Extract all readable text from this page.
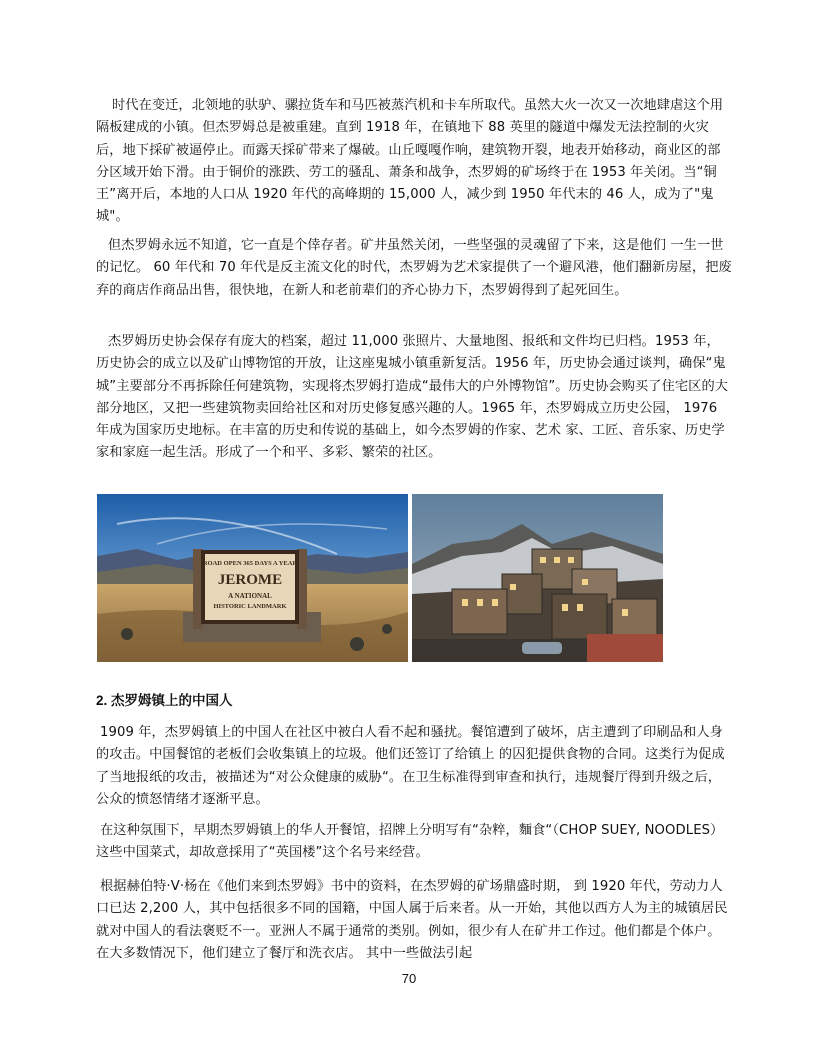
时代在变迁，北领地的驮驴、骡拉货车和马匹被蒸汽机和卡车所取代。虽然大火一次又一次地肆虐这个用隔板建成的小镇。但杰罗姆总是被重建。直到 1918 年，在镇地下 88 英里的隧道中爆发无法控制的火灾后，地下採矿被逼停止。而露天採矿带来了爆破。山丘嘎嘎作响，建筑物开裂，地表开始移动，商业区的部分区域开始下滑。由于铜价的涨跌、劳工的骚乱、萧条和战争，杰罗姆的矿场终于在 1953 年关闭。当“铜王”离开后，本地的人口从 1920 年代的高峰期的 15,000 人，减少到 1950 年代末的 46 人，成为了"鬼城"。

但杰罗姆永远不知道，它一直是个倖存者。矿井虽然关闭，一些坚强的灵魂留了下来，这是他们 一生一世的记忆。 60 年代和 70 年代是反主流文化的时代，杰罗姆为艺术家提供了一个避风港，他们翻新房屋，把废弃的商店作商品出售，很快地，在新人和老前辈们的齐心协力下，杰罗姆得到了起死回生。

杰罗姆历史协会保存有庞大的档案，超过 11,000 张照片、大量地图、报纸和文件均已归档。1953 年，历史协会的成立以及矿山博物馆的开放，让这座鬼城小镇重新复活。1956 年，历史协会通过谈判，确保“鬼城”主要部分不再拆除任何建筑物，实现将杰罗姆打造成“最伟大的户外博物馆”。历史协会购买了住宅区的大部分地区，又把一些建筑物卖回给社区和对历史修复感兴趣的人。1965 年，杰罗姆成立历史公园， 1976 年成为国家历史地标。在丰富的历史和传说的基础上，如今杰罗姆的作家、艺术 家、工匠、音乐家、历史学家和家庭一起生活。形成了一个和平、多彩、繁荣的社区。

ROAD OPEN 365 DAYS A YEAR
JEROME
A NATIONAL
HISTORIC LANDMARK
2. 杰罗姆镇上的中国人

1909 年，杰罗姆镇上的中国人在社区中被白人看不起和骚扰。餐馆遭到了破坏，店主遭到了印刷品和人身的攻击。中国餐馆的老板们会收集镇上的垃圾。他们还签订了给镇上 的囚犯提供食物的合同。这类行为促成了当地报纸的攻击，被描述为“对公众健康的威胁“。在卫生标准得到审查和执行，违规餐厅得到升级之后，公众的愤怒情绪才逐渐平息。

在这种氛围下，早期杰罗姆镇上的华人开餐馆，招牌上分明写有“杂粹，麵食“（CHOP SUEY, NOODLES）这些中国菜式，却故意採用了“英国楼”这个名号来经营。

根据赫伯特·V·杨在《他们来到杰罗姆》书中的资料，在杰罗姆的矿场鼎盛时期， 到 1920 年代，劳动力人口已达 2,200 人，其中包括很多不同的国籍，中国人属于后来者。从一开始，其他以西方人为主的城镇居民就对中国人的看法褒贬不一。亚洲人不属于通常的类别。例如，很少有人在矿井工作过。他们都是个体户。在大多数情况下，他们建立了餐厅和洗衣店。 其中一些做法引起

70
